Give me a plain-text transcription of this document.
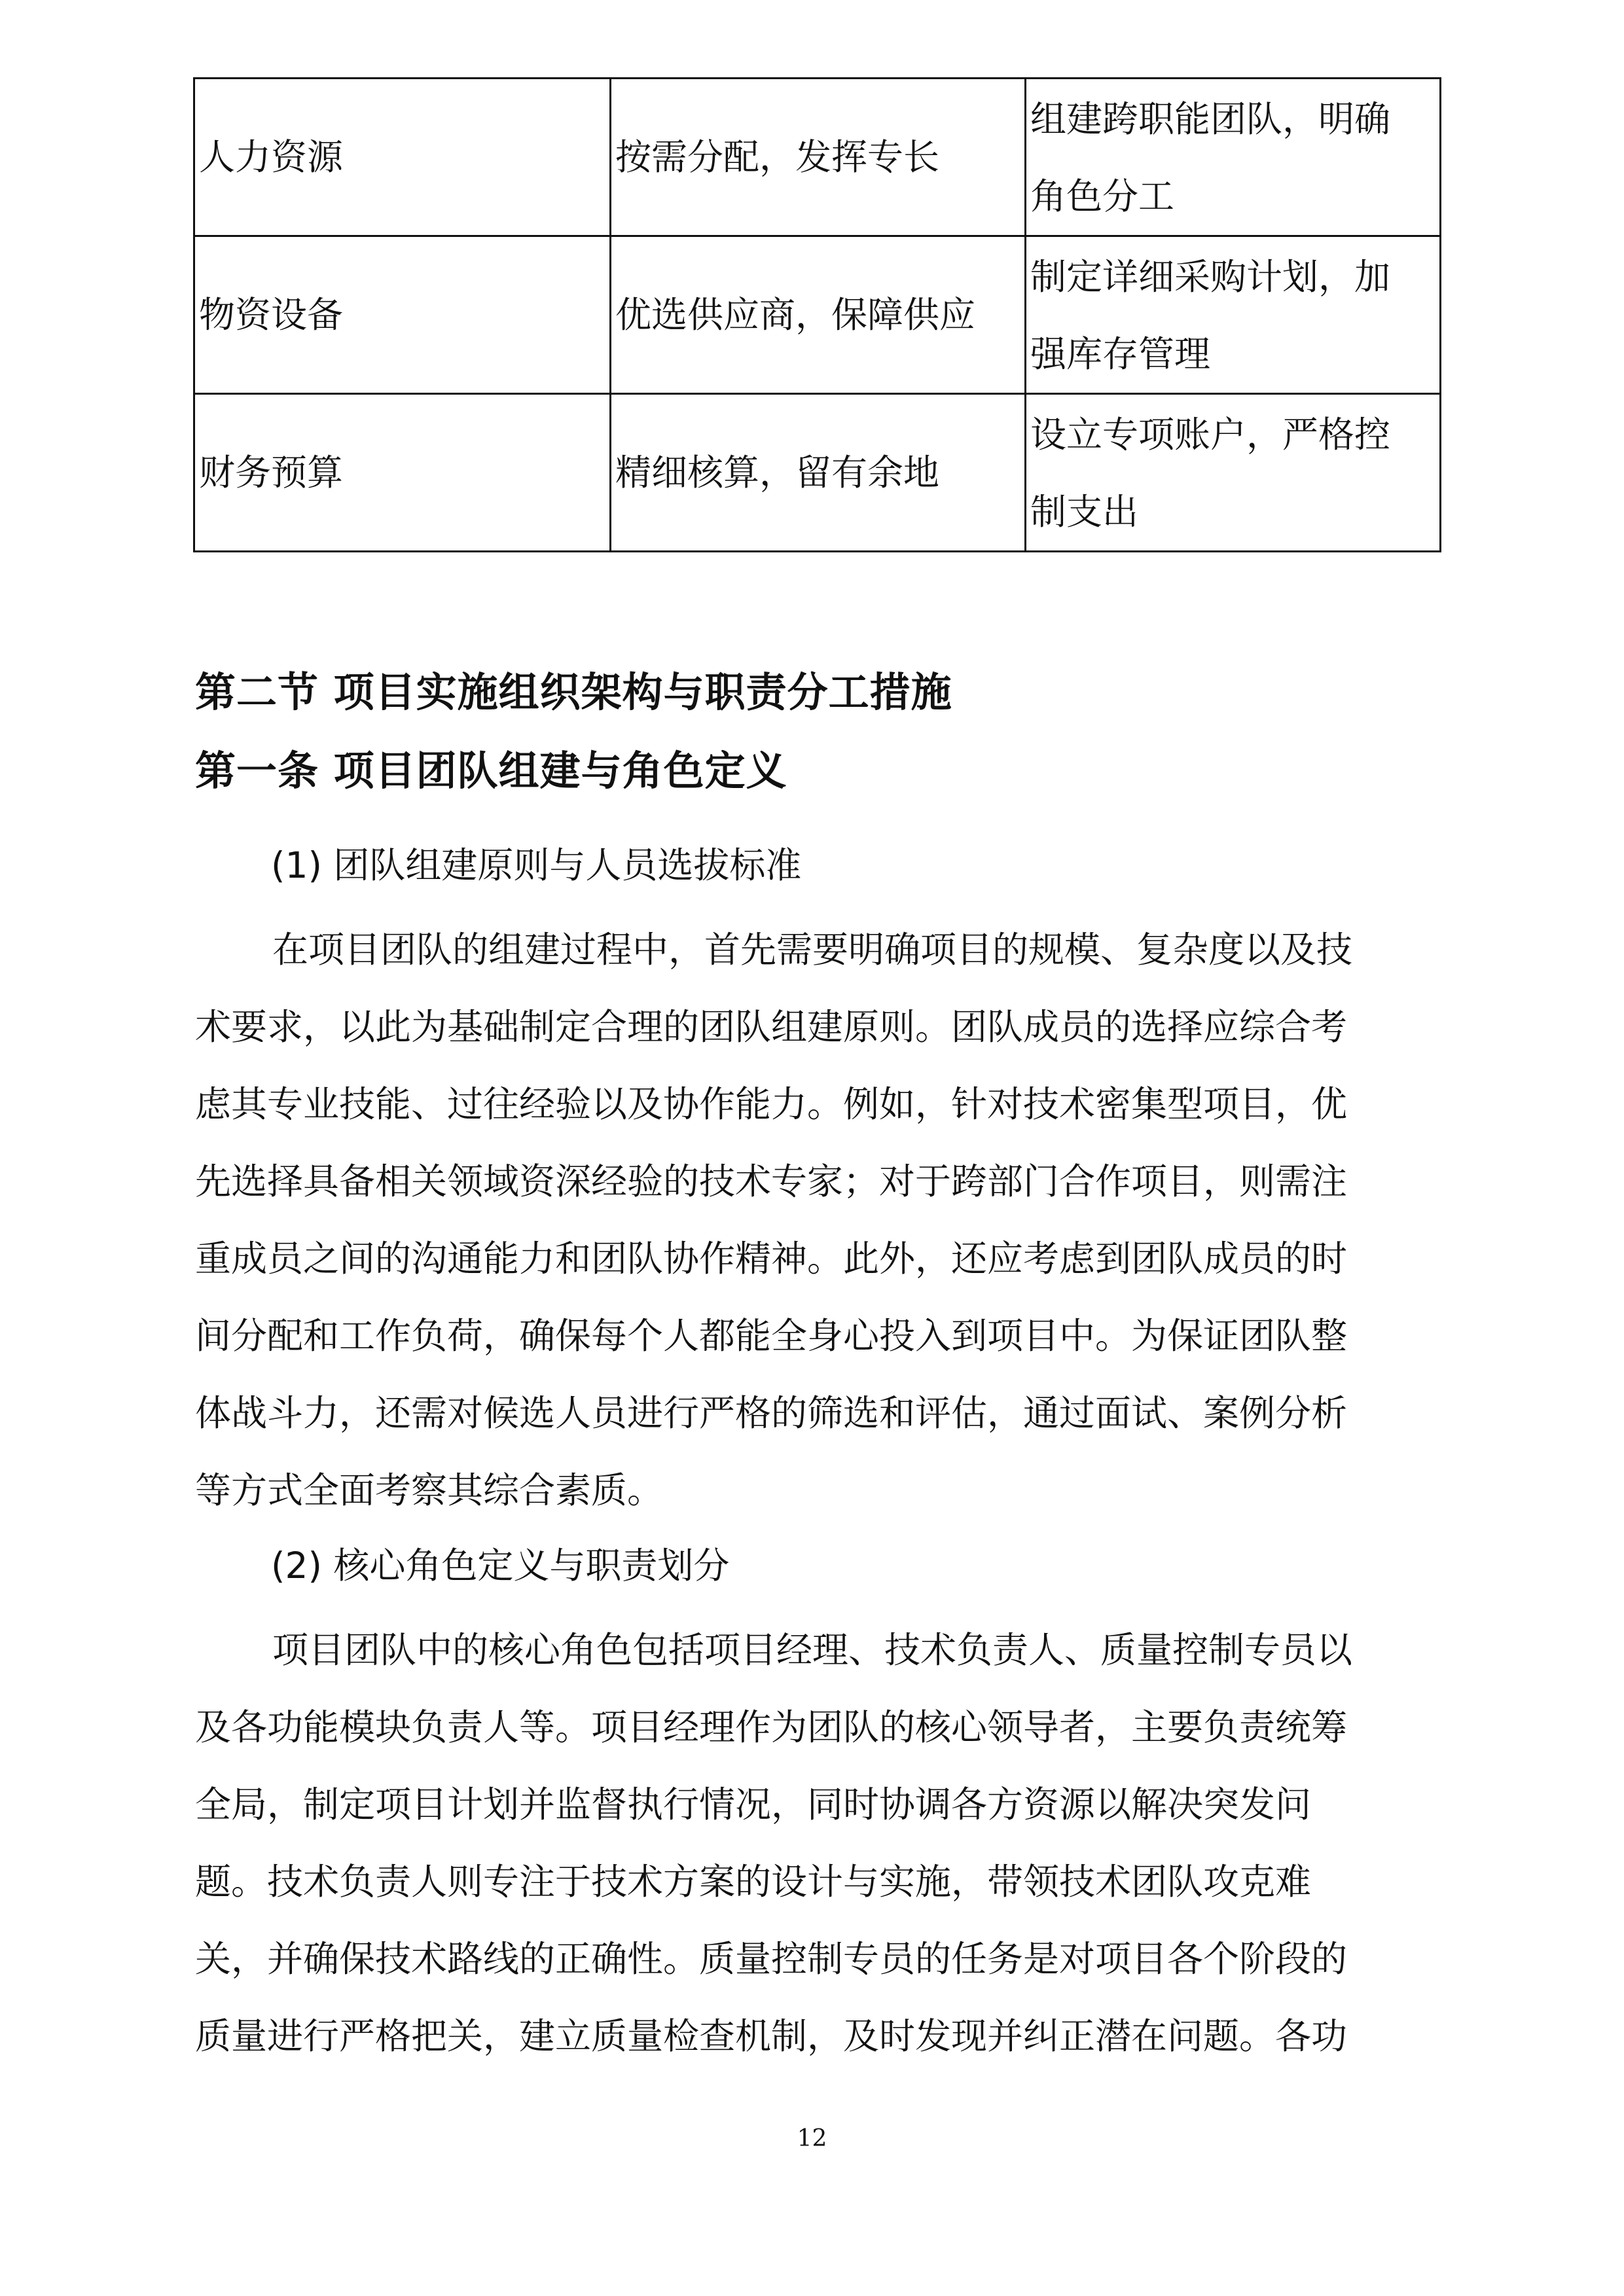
人力资源	按需分配，发挥专长	组建跨职能团队，明确
角色分工

物资设备	优选供应商，保障供应	制定详细采购计划，加
强库存管理

财务预算	精细核算，留有余地	设立专项账户，严格控
制支出
第二节 项目实施组织架构与职责分工措施
第一条 项目团队组建与角色定义
(1) 团队组建原则与人员选拔标准
在项目团队的组建过程中，首先需要明确项目的规模、复杂度以及技
术要求，以此为基础制定合理的团队组建原则。团队成员的选择应综合考
虑其专业技能、过往经验以及协作能力。例如，针对技术密集型项目，优
先选择具备相关领域资深经验的技术专家；对于跨部门合作项目，则需注
重成员之间的沟通能力和团队协作精神。此外，还应考虑到团队成员的时
间分配和工作负荷，确保每个人都能全身心投入到项目中。为保证团队整
体战斗力，还需对候选人员进行严格的筛选和评估，通过面试、案例分析
等方式全面考察其综合素质。
(2) 核心角色定义与职责划分
项目团队中的核心角色包括项目经理、技术负责人、质量控制专员以
及各功能模块负责人等。项目经理作为团队的核心领导者，主要负责统筹
全局，制定项目计划并监督执行情况，同时协调各方资源以解决突发问
题。技术负责人则专注于技术方案的设计与实施，带领技术团队攻克难
关，并确保技术路线的正确性。质量控制专员的任务是对项目各个阶段的
质量进行严格把关，建立质量检查机制，及时发现并纠正潜在问题。各功
12
